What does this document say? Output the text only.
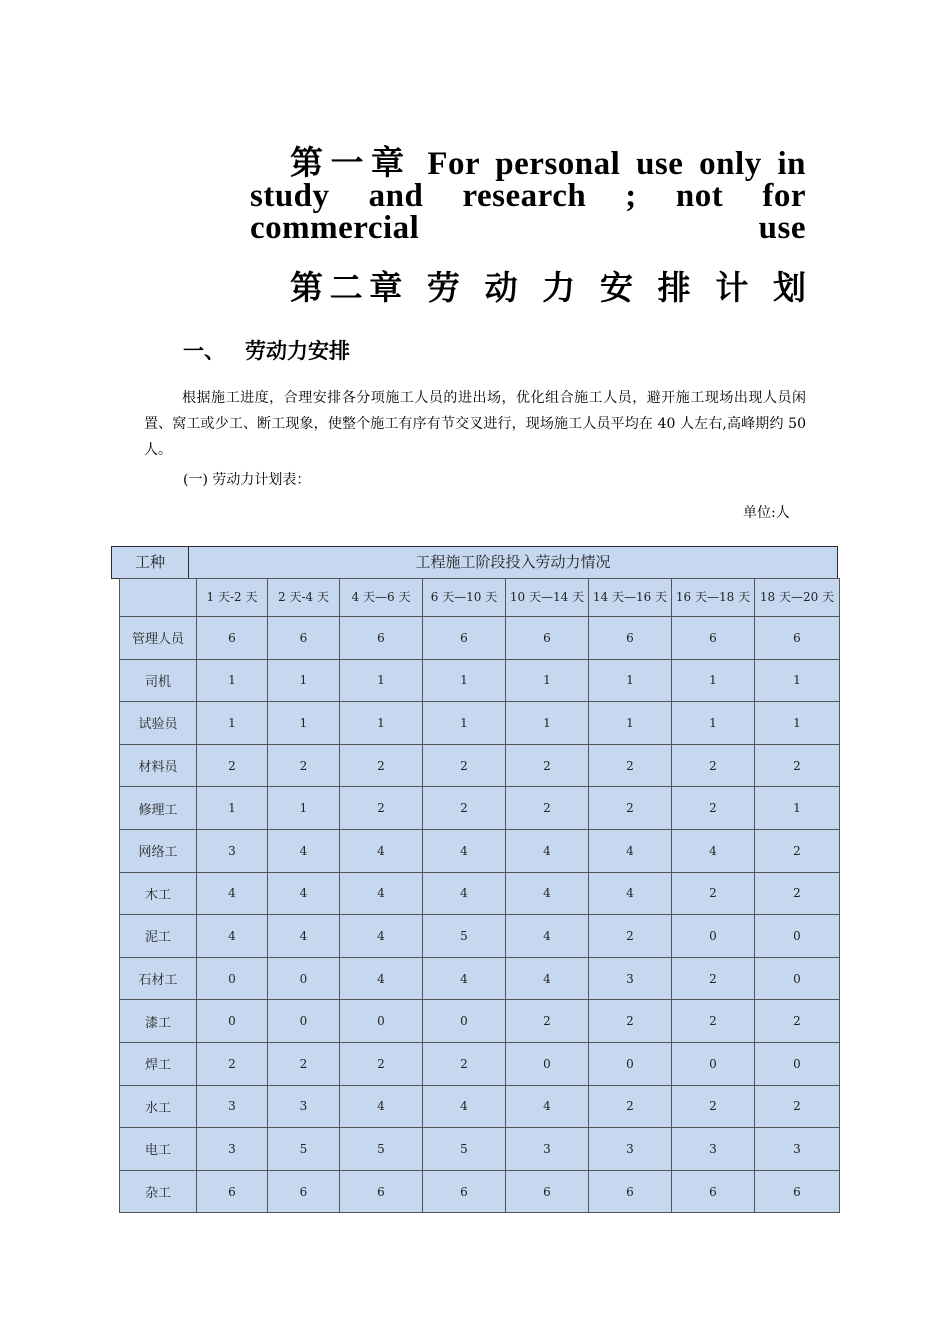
第一章 For personal use only in
study and research ; not for
commercial use
第二章 劳 动 力 安 排 计 划
一、 劳动力安排
根据施工进度，合理安排各分项施工人员的进出场，优化组合施工人员，避开施工现场出现人员闲置、窝工或少工、断工现象，使整个施工有序有节交叉进行，现场施工人员平均在 40 人左右,高峰期约 50 人。
(一) 劳动力计划表：
单位:人
工种	工程施工阶段投入劳动力情况
	1 天-2 天	2 天-4 天	4 天—6 天	6 天—10 天	10 天—14 天	14 天—16 天	16 天—18 天	18 天—20 天
管理人员	6	6	6	6	6	6	6	6
司机	1	1	1	1	1	1	1	1
试验员	1	1	1	1	1	1	1	1
材料员	2	2	2	2	2	2	2	2
修理工	1	1	2	2	2	2	2	1
网络工	3	4	4	4	4	4	4	2
木工	4	4	4	4	4	4	2	2
泥工	4	4	4	5	4	2	0	0
石材工	0	0	4	4	4	3	2	0
漆工	0	0	0	0	2	2	2	2
焊工	2	2	2	2	0	0	0	0
水工	3	3	4	4	4	2	2	2
电工	3	5	5	5	3	3	3	3
杂工	6	6	6	6	6	6	6	6
